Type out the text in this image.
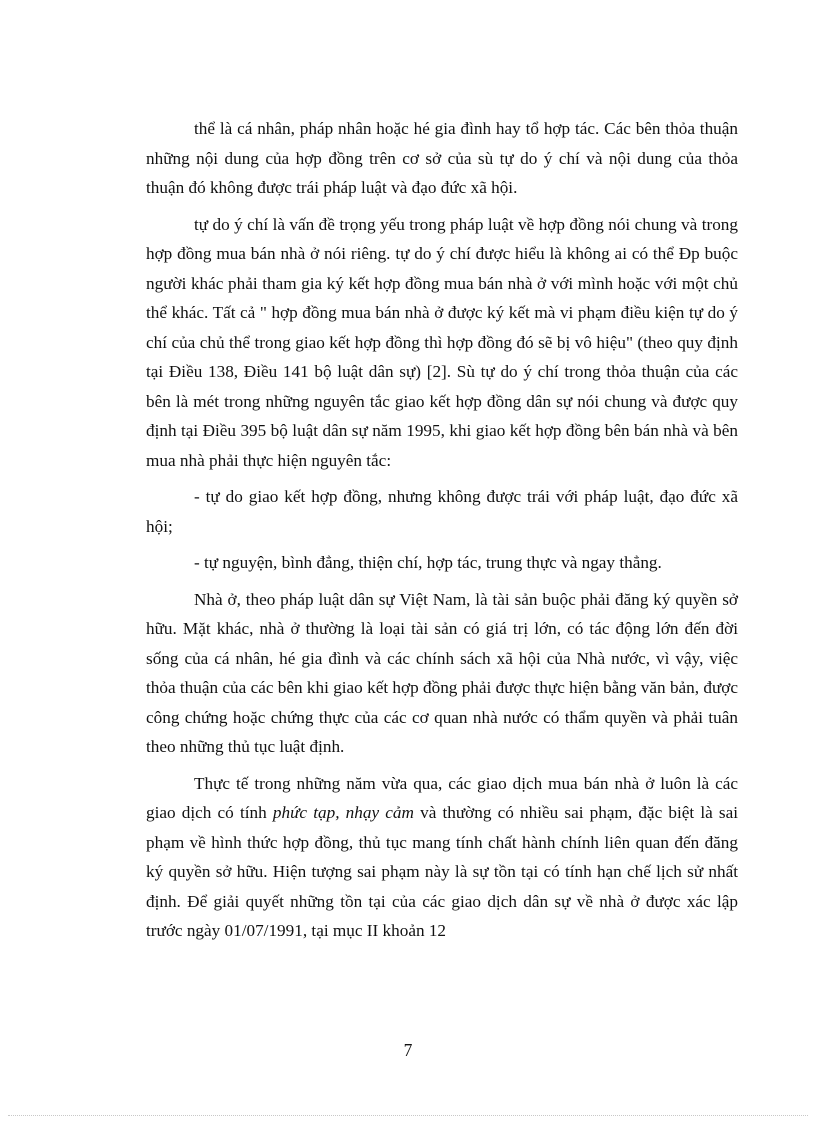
thể là cá nhân, pháp nhân hoặc hé gia đình hay tổ hợp tác. Các bên thỏa thuận những nội dung của hợp đồng trên cơ sở của sù tự do ý chí và nội dung của thỏa thuận đó không được trái pháp luật và đạo đức xã hội.

tự do ý chí là vấn đề trọng yếu trong pháp luật về hợp đồng nói chung và trong hợp đồng mua bán nhà ở nói riêng. tự do ý chí được hiểu là không ai có thể Ðp buộc người khác phải tham gia ký kết hợp đồng mua bán nhà ở với mình hoặc với một chủ thể khác. Tất cả " hợp đồng mua bán nhà ở được ký kết mà vi phạm điều kiện tự do ý chí của chủ thể trong giao kết hợp đồng thì hợp đồng đó sẽ bị vô hiệu" (theo quy định tại Điều 138, Điều 141 bộ luật dân sự) [2]. Sù tự do ý chí trong thỏa thuận của các bên là mét trong những nguyên tắc giao kết hợp đồng dân sự nói chung và được quy định tại Điều 395 bộ luật dân sự năm 1995, khi giao kết hợp đồng bên bán nhà và bên mua nhà phải thực hiện nguyên tắc:

- tự do giao kết hợp đồng, nhưng không được trái với pháp luật, đạo đức xã hội;

- tự nguyện, bình đẳng, thiện chí, hợp tác, trung thực và ngay thẳng.

Nhà ở, theo pháp luật dân sự Việt Nam, là tài sản buộc phải đăng ký quyền sở hữu. Mặt khác, nhà ở thường là loại tài sản có giá trị lớn, có tác động lớn đến đời sống của cá nhân, hé gia đình và các chính sách xã hội của Nhà nước, vì vậy, việc thỏa thuận của các bên khi giao kết hợp đồng phải được thực hiện bằng văn bản, được công chứng hoặc chứng thực của các cơ quan nhà nước có thẩm quyền và phải tuân theo những thủ tục luật định.

Thực tế trong những năm vừa qua, các giao dịch mua bán nhà ở luôn là các giao dịch có tính phức tạp, nhạy cảm và thường có nhiều sai phạm, đặc biệt là sai phạm về hình thức hợp đồng, thủ tục mang tính chất hành chính liên quan đến đăng ký quyền sở hữu. Hiện tượng sai phạm này là sự tồn tại có tính hạn chế lịch sử nhất định. Để giải quyết những tồn tại của các giao dịch dân sự về nhà ở được xác lập trước ngày 01/07/1991, tại mục II khoản 12

7
